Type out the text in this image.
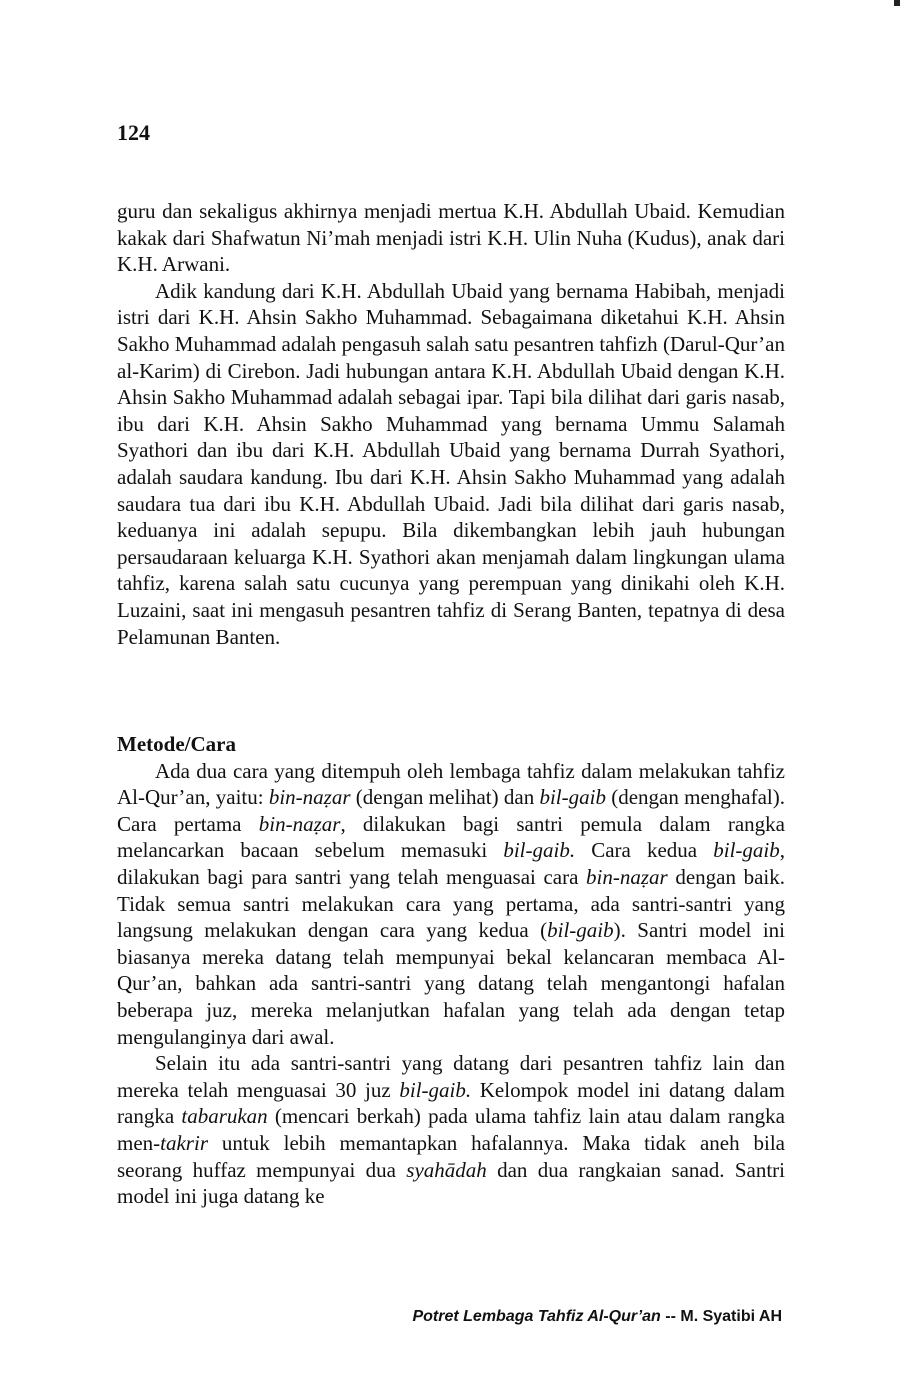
124

guru dan sekaligus akhirnya menjadi mertua K.H. Abdullah Ubaid. Kemudian kakak dari Shafwatun Ni’mah menjadi istri K.H. Ulin Nuha (Kudus), anak dari K.H. Arwani.

Adik kandung dari K.H. Abdullah Ubaid yang bernama Habibah, menjadi istri dari K.H. Ahsin Sakho Muhammad. Sebagaimana diketahui K.H. Ahsin Sakho Muhammad adalah pengasuh salah satu pesantren tahfizh (Darul-Qur’an al-Karim) di Cirebon. Jadi hubungan antara K.H. Abdullah Ubaid dengan K.H. Ahsin Sakho Muhammad adalah sebagai ipar. Tapi bila dilihat dari garis nasab, ibu dari K.H. Ahsin Sakho Muhammad yang bernama Ummu Salamah Syathori dan ibu dari K.H. Abdullah Ubaid yang bernama Durrah Syathori, adalah saudara kandung. Ibu dari K.H. Ahsin Sakho Muhammad yang adalah saudara tua dari ibu K.H. Abdullah Ubaid. Jadi bila dilihat dari garis nasab, keduanya ini adalah sepupu. Bila dikembangkan lebih jauh hubungan persaudaraan keluarga K.H. Syathori akan menjamah dalam lingkungan ulama tahfiz, karena salah satu cucunya yang perempuan yang dinikahi oleh K.H. Luzaini, saat ini mengasuh pesantren tahfiz di Serang Banten, tepatnya di desa Pelamunan Banten.

Metode/Cara

Ada dua cara yang ditempuh oleh lembaga tahfiz dalam melakukan tahfiz Al-Qur’an, yaitu: bin-naẓar (dengan melihat) dan bil-gaib (dengan menghafal). Cara pertama bin-naẓar, dilakukan bagi santri pemula dalam rangka melancarkan bacaan sebelum memasuki bil-gaib. Cara kedua bil-gaib, dilakukan bagi para santri yang telah menguasai cara bin-naẓar dengan baik. Tidak semua santri melakukan cara yang pertama, ada santri-santri yang langsung melakukan dengan cara yang kedua (bil-gaib). Santri model ini biasanya mereka datang telah mempunyai bekal kelancaran membaca Al-Qur’an, bahkan ada santri-santri yang datang telah mengantongi hafalan beberapa juz, mereka melanjutkan hafalan yang telah ada dengan tetap mengulanginya dari awal.

Selain itu ada santri-santri yang datang dari pesantren tahfiz lain dan mereka telah menguasai 30 juz bil-gaib. Kelompok model ini datang dalam rangka tabarukan (mencari berkah) pada ulama tahfiz lain atau dalam rangka men-takrir untuk lebih memantapkan hafalannya. Maka tidak aneh bila seorang huffaz mempunyai dua syahādah dan dua rangkaian sanad. Santri model ini juga datang ke

Potret Lembaga Tahfiz Al-Qur’an -- M. Syatibi AH
